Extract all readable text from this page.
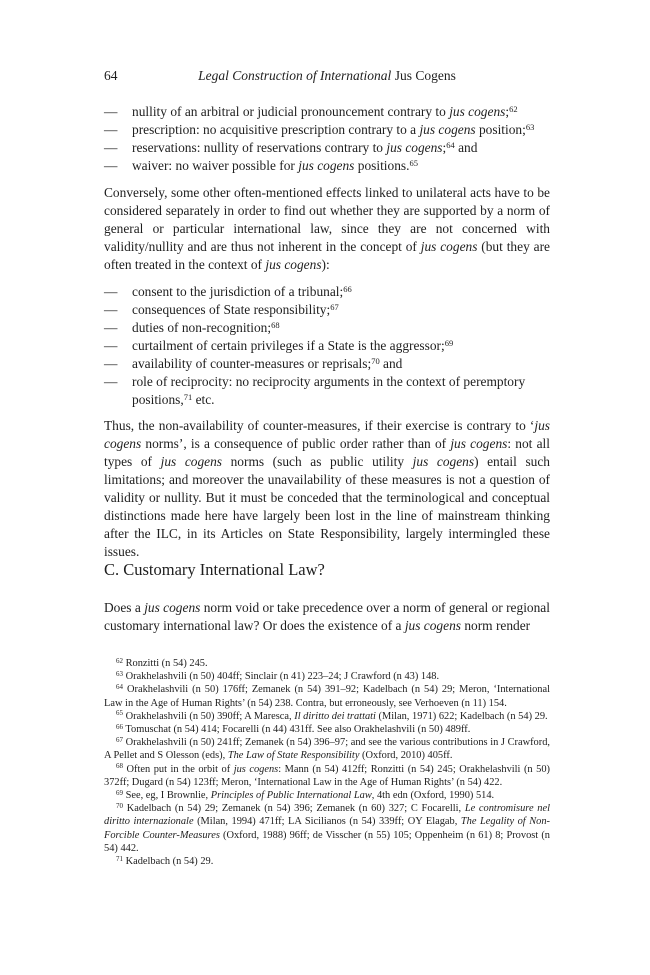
64	Legal Construction of International Jus Cogens
— nullity of an arbitral or judicial pronouncement contrary to jus cogens;$^{62}$
— prescription: no acquisitive prescription contrary to a jus cogens position;$^{63}$
— reservations: nullity of reservations contrary to jus cogens;$^{64}$ and
— waiver: no waiver possible for jus cogens positions.$^{65}$

Conversely, some other often-mentioned effects linked to unilateral acts have to be considered separately in order to find out whether they are supported by a norm of general or particular international law, since they are not concerned with validity/nullity and are thus not inherent in the concept of jus cogens (but they are often treated in the context of jus cogens):

— consent to the jurisdiction of a tribunal;$^{66}$
— consequences of State responsibility;$^{67}$
— duties of non-recognition;$^{68}$
— curtailment of certain privileges if a State is the aggressor;$^{69}$
— availability of counter-measures or reprisals;$^{70}$ and
— role of reciprocity: no reciprocity arguments in the context of peremptory positions,$^{71}$ etc.

Thus, the non-availability of counter-measures, if their exercise is contrary to ‘jus cogens norms’, is a consequence of public order rather than of jus cogens: not all types of jus cogens norms (such as public utility jus cogens) entail such limitations; and moreover the unavailability of these measures is not a question of validity or nullity. But it must be conceded that the terminological and conceptual distinctions made here have largely been lost in the line of mainstream thinking after the ILC, in its Articles on State Responsibility, largely intermingled these issues.

C. Customary International Law?

Does a jus cogens norm void or take precedence over a norm of general or regional customary international law? Or does the existence of a jus cogens norm render

$^{62}$ Ronzitti (n 54) 245.
$^{63}$ Orakhelashvili (n 50) 404ff; Sinclair (n 41) 223–24; J Crawford (n 43) 148.
$^{64}$ Orakhelashvili (n 50) 176ff; Zemanek (n 54) 391–92; Kadelbach (n 54) 29; Meron, ‘International Law in the Age of Human Rights’ (n 54) 238. Contra, but erroneously, see Verhoeven (n 11) 154.
$^{65}$ Orakhelashvili (n 50) 390ff; A Maresca, Il diritto dei trattati (Milan, 1971) 622; Kadelbach (n 54) 29.
$^{66}$ Tomuschat (n 54) 414; Focarelli (n 44) 431ff. See also Orakhelashvili (n 50) 489ff.
$^{67}$ Orakhelashvili (n 50) 241ff; Zemanek (n 54) 396–97; and see the various contributions in J Crawford, A Pellet and S Olesson (eds), The Law of State Responsibility (Oxford, 2010) 405ff.
$^{68}$ Often put in the orbit of jus cogens: Mann (n 54) 412ff; Ronzitti (n 54) 245; Orakhelashvili (n 50) 372ff; Dugard (n 54) 123ff; Meron, ‘International Law in the Age of Human Rights’ (n 54) 422.
$^{69}$ See, eg, I Brownlie, Principles of Public International Law, 4th edn (Oxford, 1990) 514.
$^{70}$ Kadelbach (n 54) 29; Zemanek (n 54) 396; Zemanek (n 60) 327; C Focarelli, Le contromisure nel diritto internazionale (Milan, 1994) 471ff; LA Sicilianos (n 54) 339ff; OY Elagab, The Legality of Non-Forcible Counter-Measures (Oxford, 1988) 96ff; de Visscher (n 55) 105; Oppenheim (n 61) 8; Provost (n 54) 442.
$^{71}$ Kadelbach (n 54) 29.
